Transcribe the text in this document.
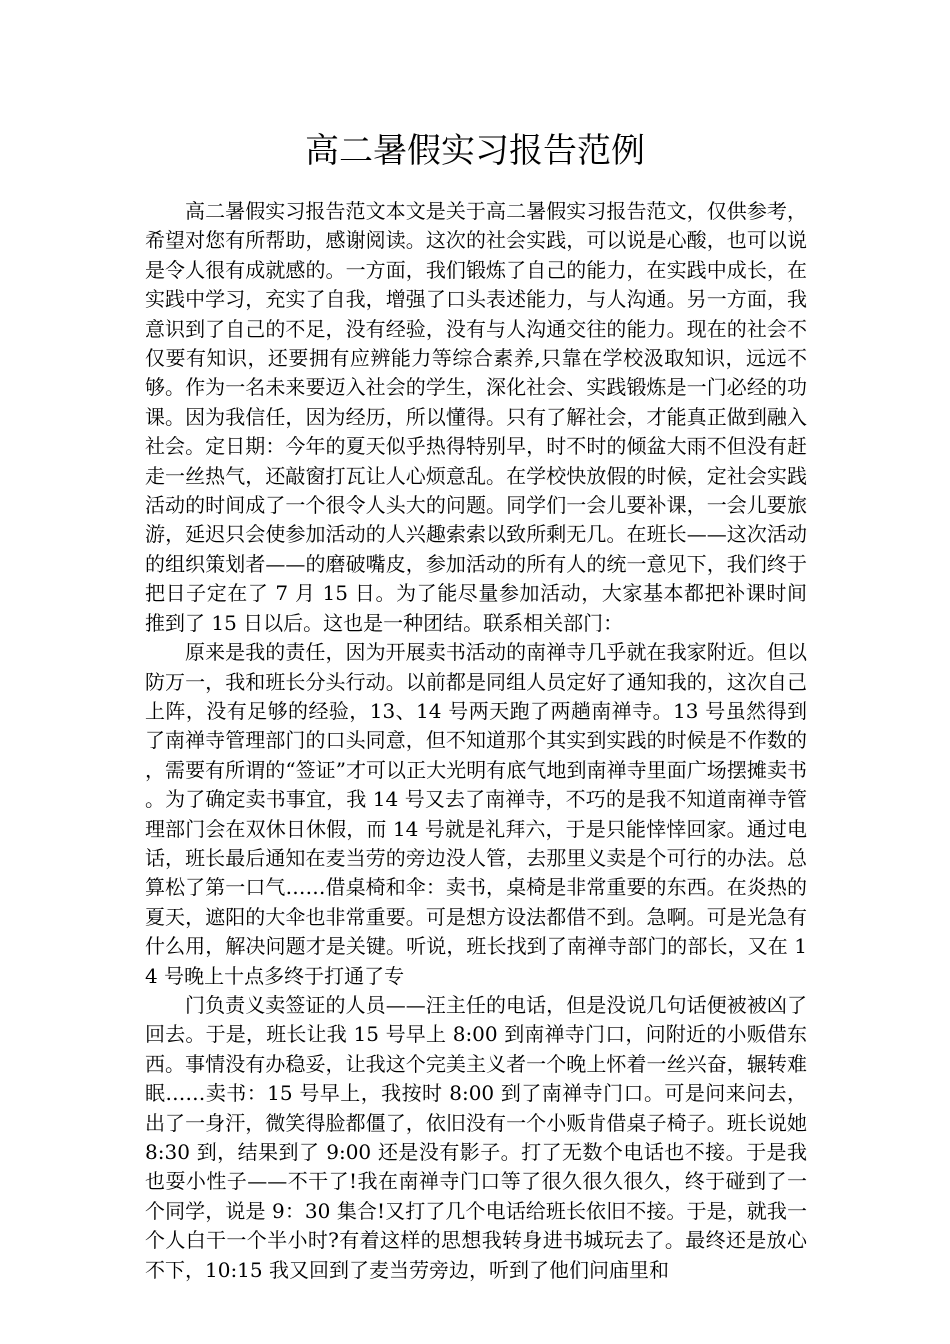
高二暑假实习报告范例

高二暑假实习报告范文本文是关于高二暑假实习报告范文，仅供参考，希望对您有所帮助，感谢阅读。这次的社会实践，可以说是心酸，也可以说是令人很有成就感的。一方面，我们锻炼了自己的能力，在实践中成长，在实践中学习，充实了自我，增强了口头表述能力，与人沟通。另一方面，我意识到了自己的不足，没有经验，没有与人沟通交往的能力。现在的社会不仅要有知识，还要拥有应辨能力等综合素养,只靠在学校汲取知识，远远不够。作为一名未来要迈入社会的学生，深化社会、实践锻炼是一门必经的功课。因为我信任，因为经历，所以懂得。只有了解社会，才能真正做到融入社会。定日期：今年的夏天似乎热得特别早，时不时的倾盆大雨不但没有赶走一丝热气，还敲窗打瓦让人心烦意乱。在学校快放假的时候，定社会实践活动的时间成了一个很令人头大的问题。同学们一会儿要补课，一会儿要旅游，延迟只会使参加活动的人兴趣索索以致所剩无几。在班长——这次活动的组织策划者——的磨破嘴皮，参加活动的所有人的统一意见下，我们终于把日子定在了 7 月 15 日。为了能尽量参加活动，大家基本都把补课时间推到了 15 日以后。这也是一种团结。联系相关部门：

原来是我的责任，因为开展卖书活动的南禅寺几乎就在我家附近。但以防万一，我和班长分头行动。以前都是同组人员定好了通知我的，这次自己上阵，没有足够的经验，13、14 号两天跑了两趟南禅寺。13 号虽然得到了南禅寺管理部门的口头同意，但不知道那个其实到实践的时候是不作数的，需要有所谓的“签证”才可以正大光明有底气地到南禅寺里面广场摆摊卖书。为了确定卖书事宜，我 14 号又去了南禅寺，不巧的是我不知道南禅寺管理部门会在双休日休假，而 14 号就是礼拜六，于是只能悻悻回家。通过电话，班长最后通知在麦当劳的旁边没人管，去那里义卖是个可行的办法。总算松了第一口气……借桌椅和伞：卖书，桌椅是非常重要的东西。在炎热的夏天，遮阳的大伞也非常重要。可是想方设法都借不到。急啊。可是光急有什么用，解决问题才是关键。听说，班长找到了南禅寺部门的部长，又在 14 号晚上十点多终于打通了专

门负责义卖签证的人员——汪主任的电话，但是没说几句话便被被凶了回去。于是，班长让我 15 号早上 8:00 到南禅寺门口，问附近的小贩借东西。事情没有办稳妥，让我这个完美主义者一个晚上怀着一丝兴奋，辗转难眠……卖书：15 号早上，我按时 8:00 到了南禅寺门口。可是问来问去，出了一身汗，微笑得脸都僵了，依旧没有一个小贩肯借桌子椅子。班长说她 8:30 到，结果到了 9:00 还是没有影子。打了无数个电话也不接。于是我也耍小性子——不干了!我在南禅寺门口等了很久很久很久，终于碰到了一个同学，说是 9：30 集合!又打了几个电话给班长依旧不接。于是，就我一个人白干一个半小时?有着这样的思想我转身进书城玩去了。最终还是放心不下，10:15 我又回到了麦当劳旁边，听到了他们问庙里和
